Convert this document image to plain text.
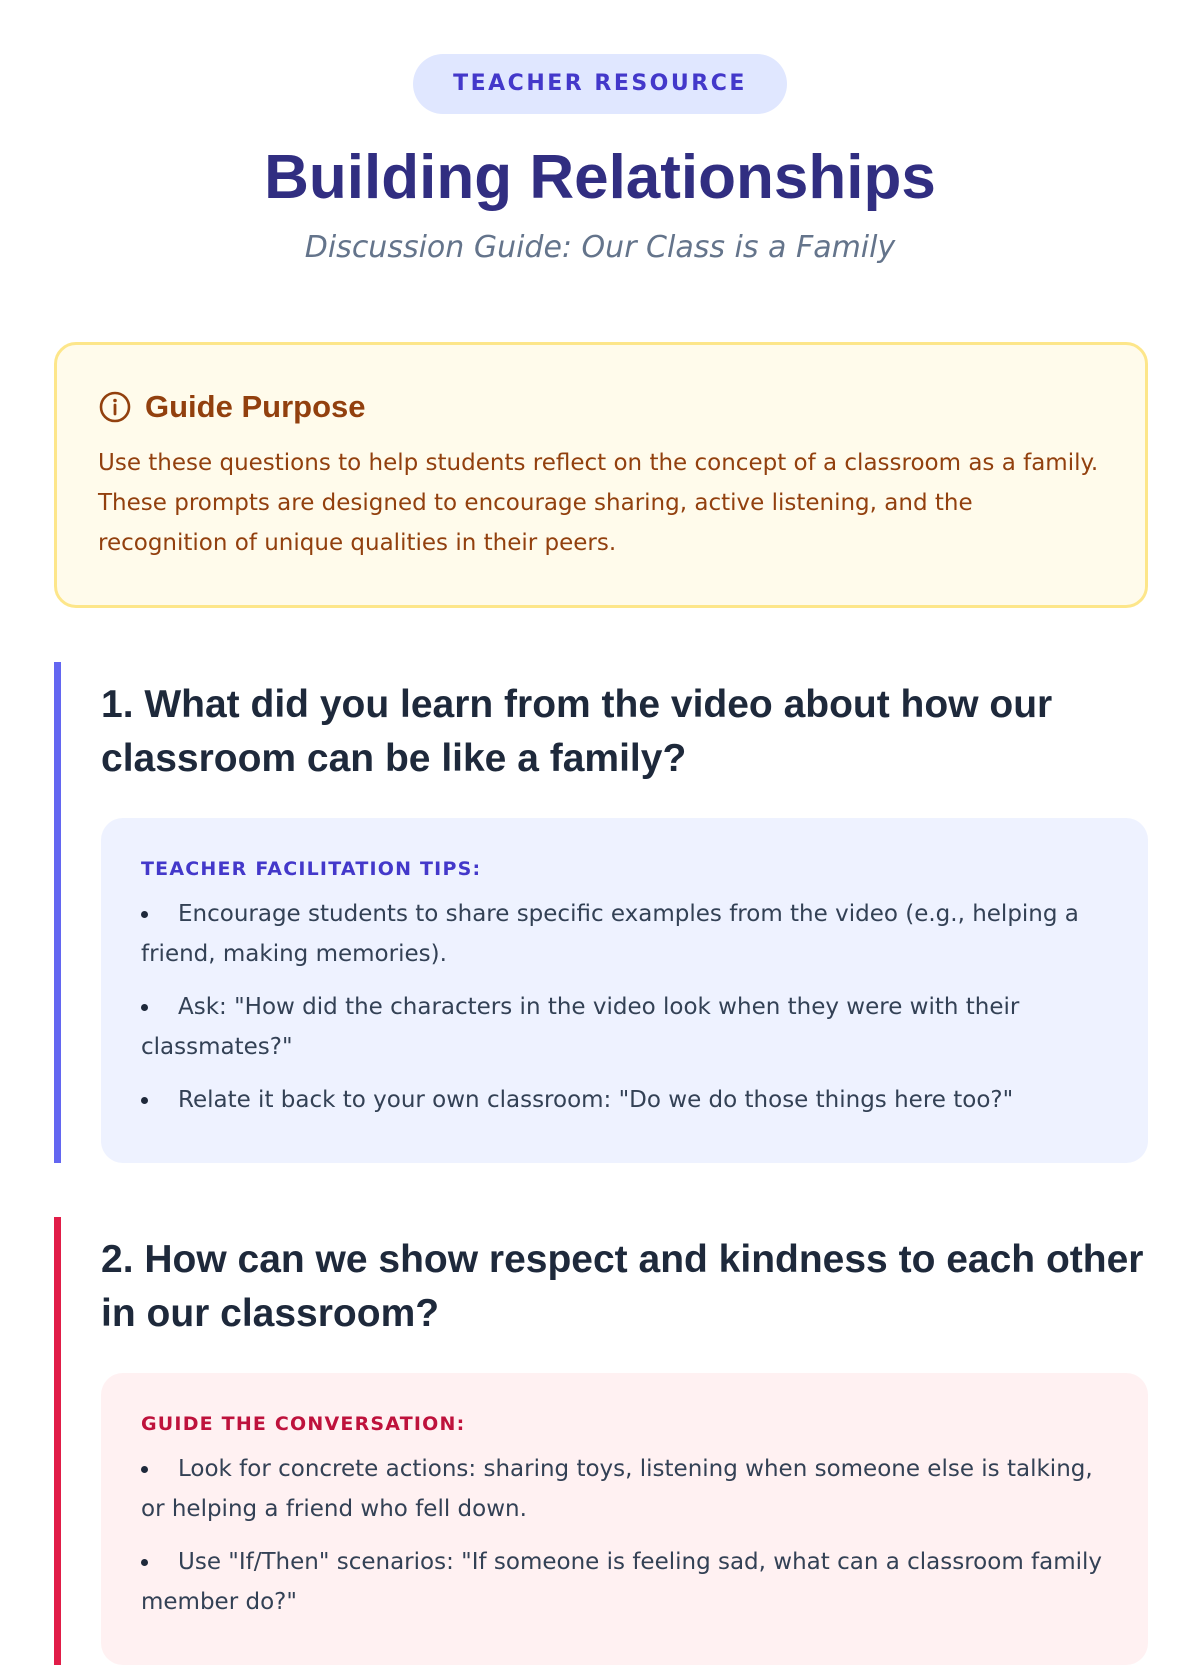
TEACHER RESOURCE
Building Relationships

Discussion Guide: Our Class is a Family

Guide Purpose
Use these questions to help students reflect on the concept of a classroom as a family. These prompts are designed to encourage sharing, active listening, and the recognition of unique qualities in their peers.
1. What did you learn from the video about how our classroom can be like a family?
TEACHER FACILITATION TIPS:
Encourage students to share specific examples from the video (e.g., helping a friend, making memories).
Ask: "How did the characters in the video look when they were with their classmates?"
Relate it back to your own classroom: "Do we do those things here too?"
2. How can we show respect and kindness to each other in our classroom?
GUIDE THE CONVERSATION:
Look for concrete actions: sharing toys, listening when someone else is talking, or helping a friend who fell down.
Use "If/Then" scenarios: "If someone is feeling sad, what can a classroom family member do?"
